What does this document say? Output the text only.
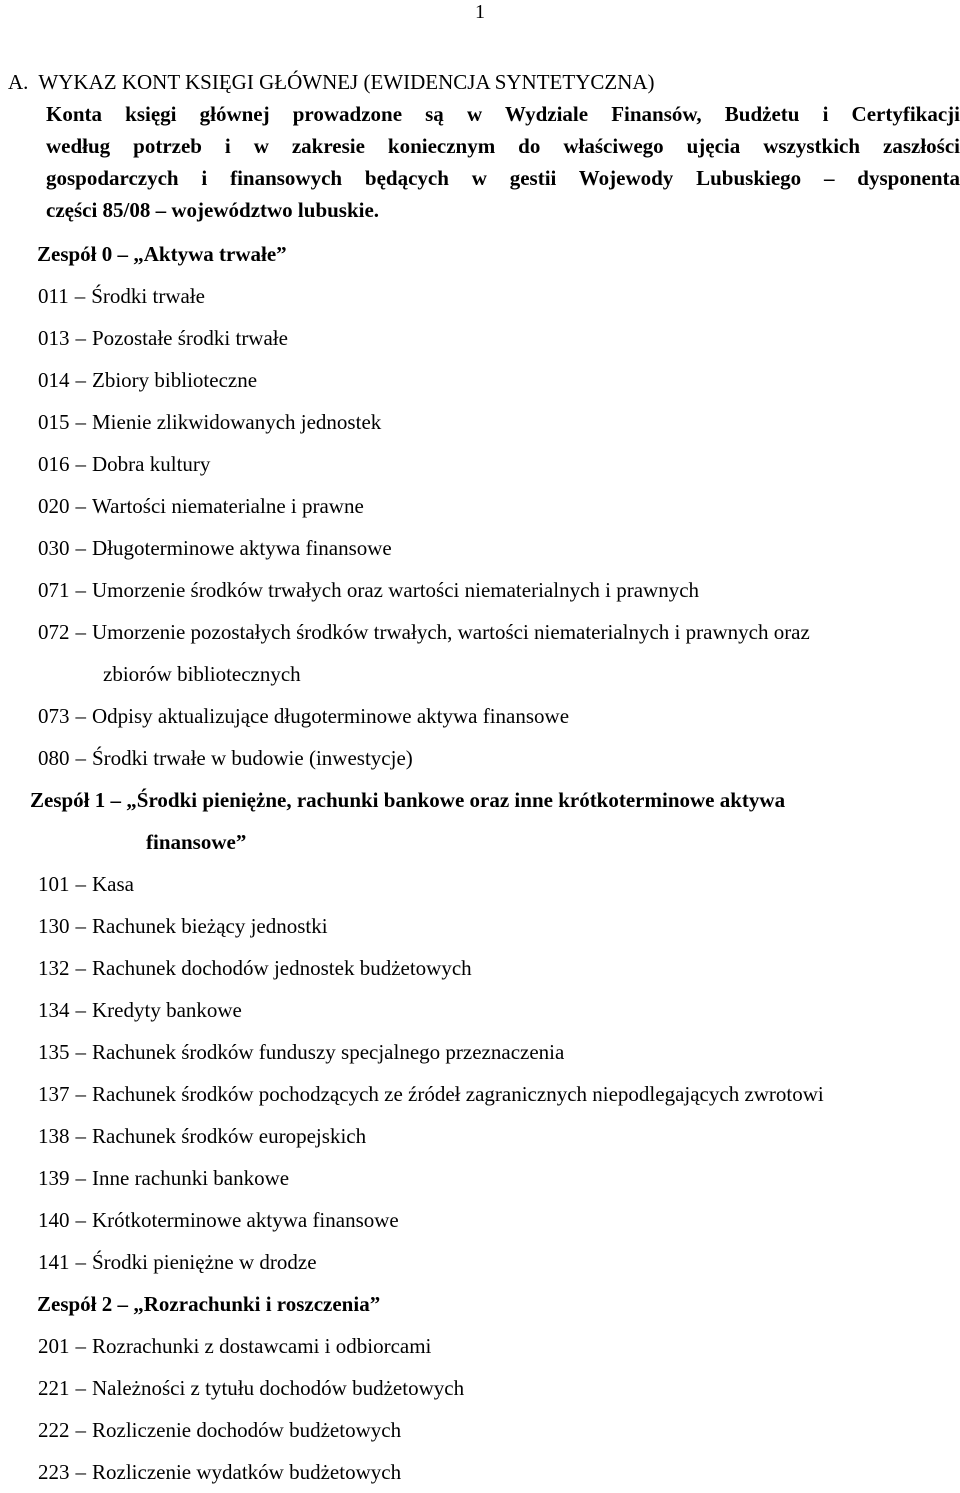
1
A. WYKAZ KONT KSIĘGI GŁÓWNEJ (EWIDENCJA SYNTETYCZNA)
Konta księgi głównej prowadzone są w Wydziale Finansów, Budżetu i Certyfikacji
według potrzeb i w zakresie koniecznym do właściwego ujęcia wszystkich zaszłości
gospodarczych i finansowych będących w gestii Wojewody Lubuskiego – dysponenta
części 85/08 – województwo lubuskie.
Zespół 0 – „Aktywa trwałe”
011 – Środki trwałe
013 – Pozostałe środki trwałe
014 – Zbiory biblioteczne
015 – Mienie zlikwidowanych jednostek
016 – Dobra kultury
020 – Wartości niematerialne i prawne
030 – Długoterminowe aktywa finansowe
071 – Umorzenie środków trwałych oraz wartości niematerialnych i prawnych
072 – Umorzenie pozostałych środków trwałych, wartości niematerialnych i prawnych oraz
zbiorów bibliotecznych
073 – Odpisy aktualizujące długoterminowe aktywa finansowe
080 – Środki trwałe w budowie (inwestycje)
Zespół 1 – „Środki pieniężne, rachunki bankowe oraz inne krótkoterminowe aktywa
finansowe”
101 – Kasa
130 – Rachunek bieżący jednostki
132 – Rachunek dochodów jednostek budżetowych
134 – Kredyty bankowe
135 – Rachunek środków funduszy specjalnego przeznaczenia
137 – Rachunek środków pochodzących ze źródeł zagranicznych niepodlegających zwrotowi
138 – Rachunek środków europejskich
139 – Inne rachunki bankowe
140 – Krótkoterminowe aktywa finansowe
141 – Środki pieniężne w drodze
Zespół 2 – „Rozrachunki i roszczenia”
201 – Rozrachunki z dostawcami i odbiorcami
221 – Należności z tytułu dochodów budżetowych
222 – Rozliczenie dochodów budżetowych
223 – Rozliczenie wydatków budżetowych
